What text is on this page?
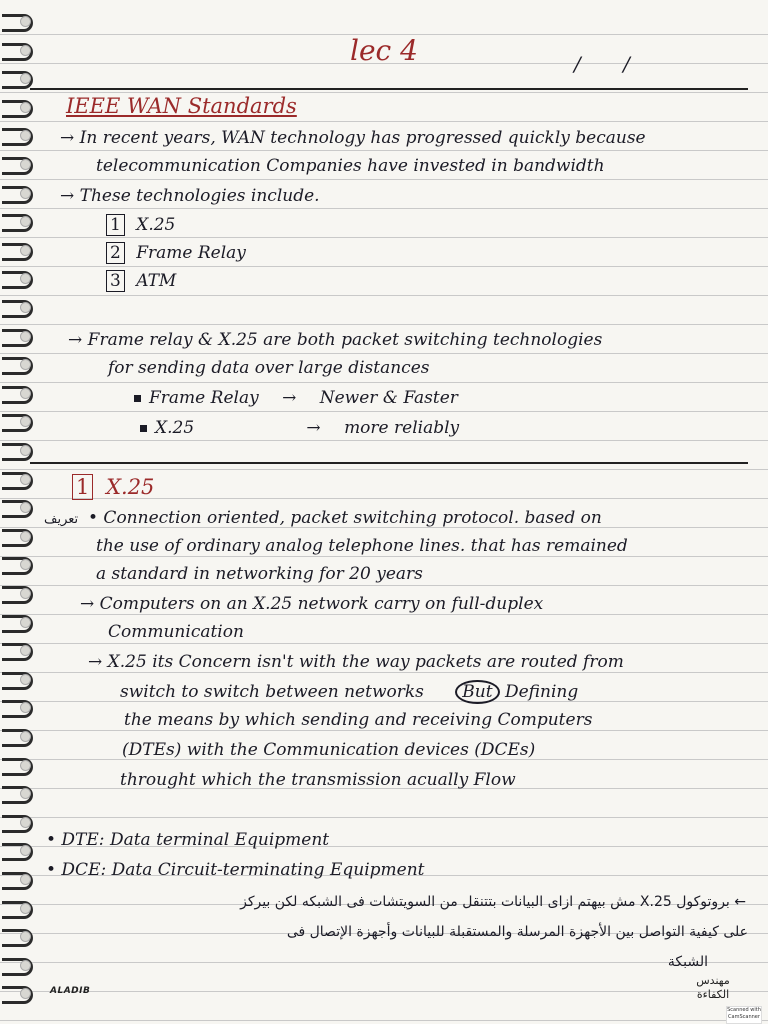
lec 4	/ /
IEEE WAN Standards
→ In recent years, WAN technology has progressed quickly because
telecommunication Companies have invested in bandwidth
→ These technologies include.
1 X.25
2 Frame Relay
3 ATM
→ Frame relay & X.25 are both packet switching technologies
for sending data over large distances
Frame Relay → Newer & Faster
X.25	→ more reliably
1 X.25
تعريف • Connection oriented, packet switching protocol. based on
the use of ordinary analog telephone lines. that has remained
a standard in networking for 20 years
→ Computers on an X.25 network carry on full-duplex
Communication
→ X.25 its Concern isn't with the way packets are routed from
switch to switch between networks But Defining
the means by which sending and receiving Computers
(DTEs) with the Communication devices (DCEs)
throught which the transmission acually Flow
• DTE: Data terminal Equipment
• DCE: Data Circuit-terminating Equipment
← بروتوكول X.25 مش بيهتم ازاى البيانات بتتنقل من السويتشات فى الشبكه لكن بيركز
على كيفية التواصل بين الأجهزة المرسلة والمستقبلة للبيانات وأجهزة الإتصال فى
الشبكة
ALADIB
مهندس الكفاءة
Scanned with CamScanner
